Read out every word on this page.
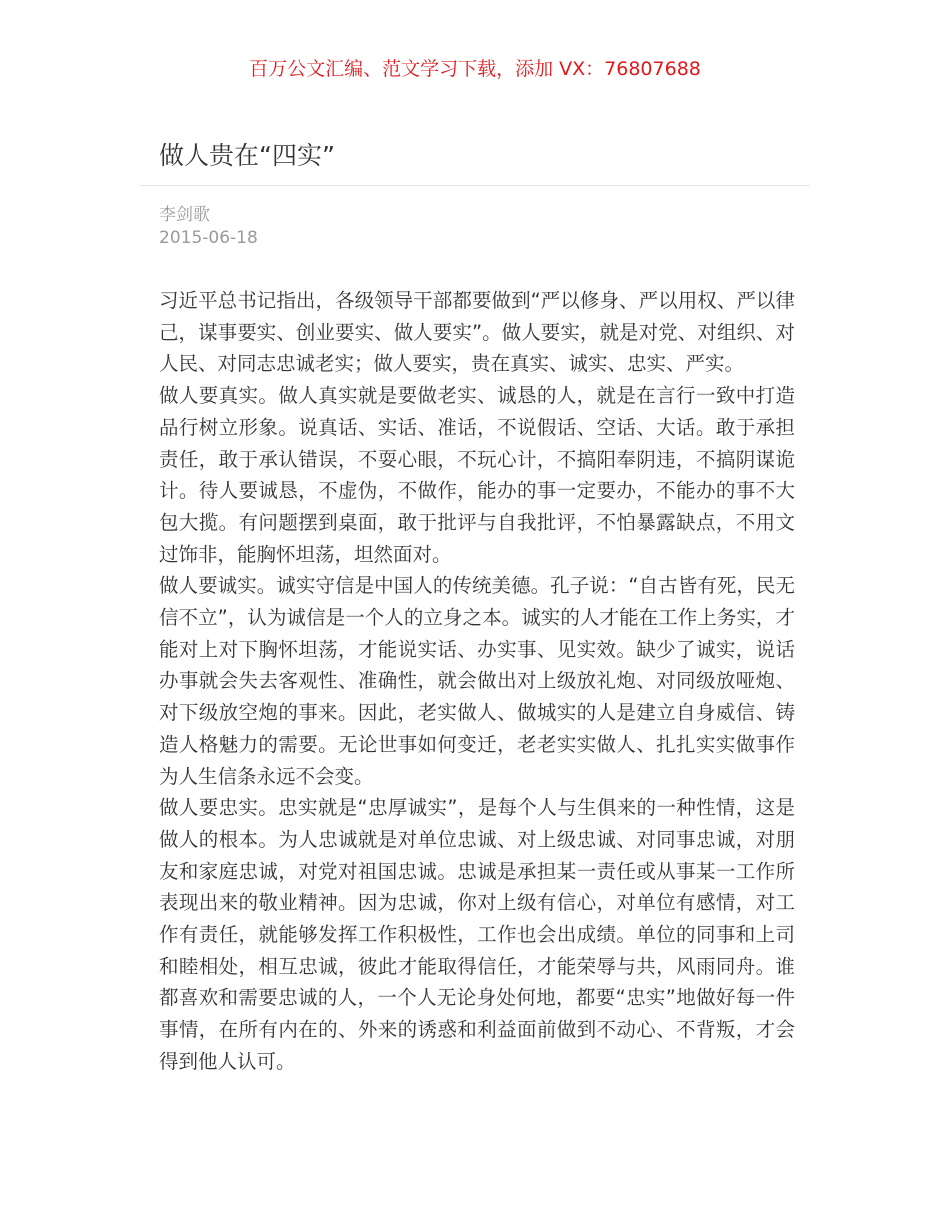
百万公文汇编、范文学习下载，添加 VX：76807688
做人贵在“四实”
李剑歌
2015-06-18

习近平总书记指出，各级领导干部都要做到“严以修身、严以用权、严以律己，谋事要实、创业要实、做人要实”。做人要实，就是对党、对组织、对人民、对同志忠诚老实；做人要实，贵在真实、诚实、忠实、严实。

做人要真实。做人真实就是要做老实、诚恳的人，就是在言行一致中打造品行树立形象。说真话、实话、准话，不说假话、空话、大话。敢于承担责任，敢于承认错误，不耍心眼，不玩心计，不搞阳奉阴违，不搞阴谋诡计。待人要诚恳，不虚伪，不做作，能办的事一定要办，不能办的事不大包大揽。有问题摆到桌面，敢于批评与自我批评，不怕暴露缺点，不用文过饰非，能胸怀坦荡，坦然面对。

做人要诚实。诚实守信是中国人的传统美德。孔子说：“自古皆有死，民无信不立”，认为诚信是一个人的立身之本。诚实的人才能在工作上务实，才能对上对下胸怀坦荡，才能说实话、办实事、见实效。缺少了诚实，说话办事就会失去客观性、准确性，就会做出对上级放礼炮、对同级放哑炮、对下级放空炮的事来。因此，老实做人、做城实的人是建立自身威信、铸造人格魅力的需要。无论世事如何变迁，老老实实做人、扎扎实实做事作为人生信条永远不会变。

做人要忠实。忠实就是“忠厚诚实”，是每个人与生俱来的一种性情，这是做人的根本。为人忠诚就是对单位忠诚、对上级忠诚、对同事忠诚，对朋友和家庭忠诚，对党对祖国忠诚。忠诚是承担某一责任或从事某一工作所表现出来的敬业精神。因为忠诚，你对上级有信心，对单位有感情，对工作有责任，就能够发挥工作积极性，工作也会出成绩。单位的同事和上司和睦相处，相互忠诚，彼此才能取得信任，才能荣辱与共，风雨同舟。谁都喜欢和需要忠诚的人，一个人无论身处何地，都要“忠实”地做好每一件事情，在所有内在的、外来的诱惑和利益面前做到不动心、不背叛，才会得到他人认可。
